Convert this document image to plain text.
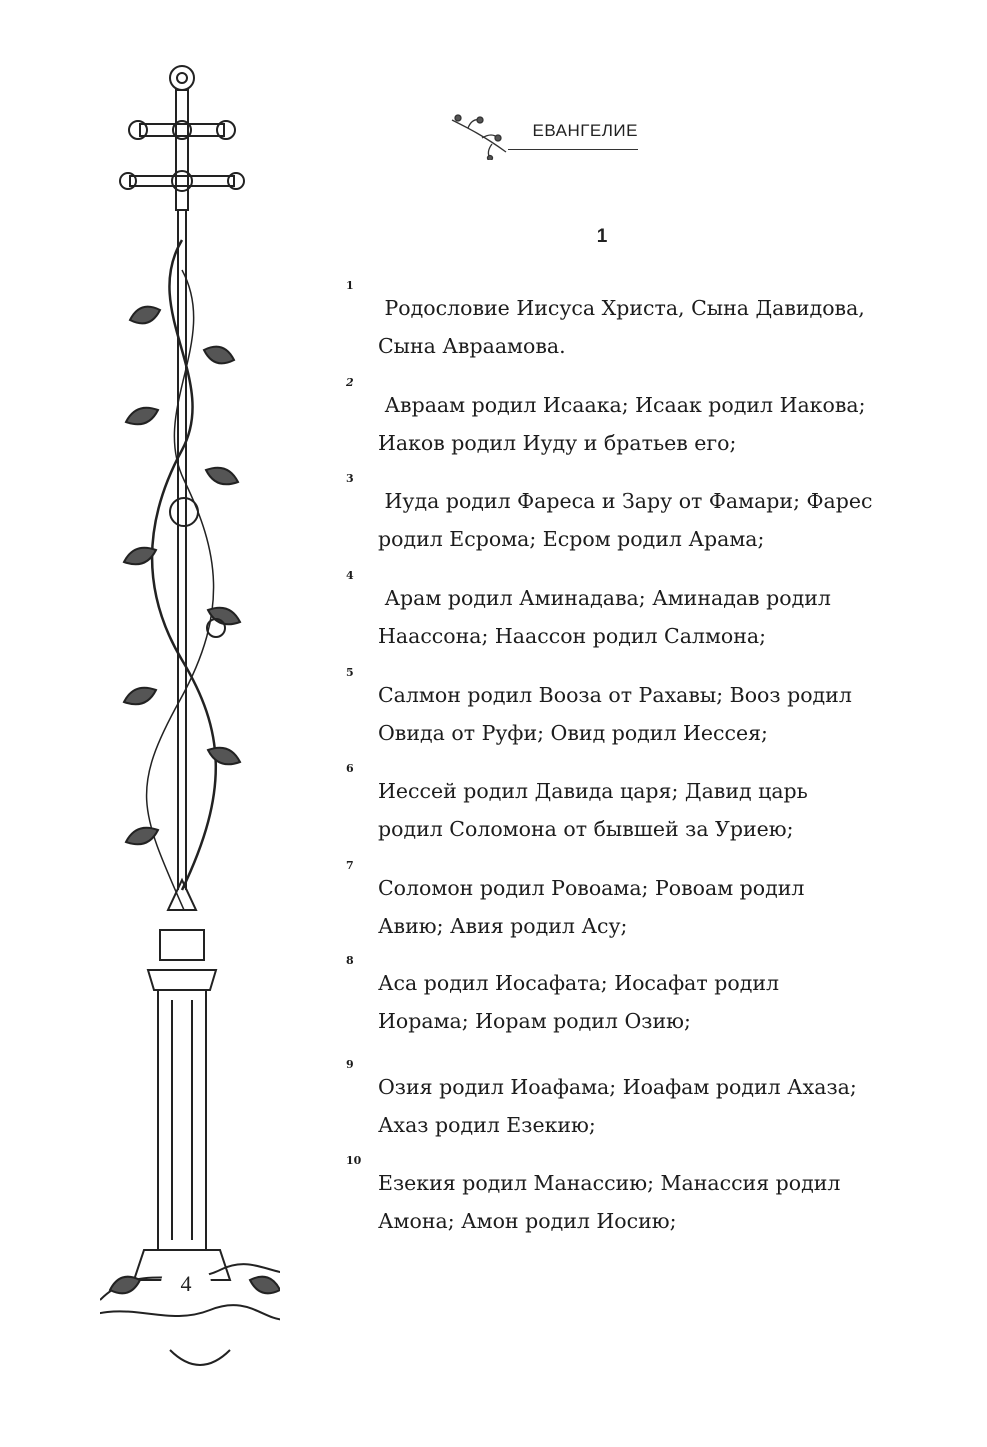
ЕВАНГЕЛИЕ
1
1
Родословие Иисуса Христа, Сына Давидова,
Сына Авраамова.
2
Авраам родил Исаака; Исаак родил Иакова;
Иаков родил Иуду и братьев его;
3
Иуда родил Фареса и Зару от Фамари; Фарес
родил Есрома; Есром родил Арама;
4
Арам родил Аминадава; Аминадав родил
Наассона; Наассон родил Салмона;
5
Салмон родил Вооза от Рахавы; Вооз родил
Овида от Руфи; Овид родил Иессея;
6
Иессей родил Давида царя; Давид царь
родил Соломона от бывшей за Уриею;
7
Соломон родил Ровоама; Ровоам родил
Авию; Авия родил Асу;
8
Аса родил Иосафата; Иосафат родил
Иорама; Иорам родил Озию;
9
Озия родил Иоафама; Иоафам родил Ахаза;
Ахаз родил Езекию;
10
Езекия родил Манассию; Манассия родил
Амона; Амон родил Иосию;
4
